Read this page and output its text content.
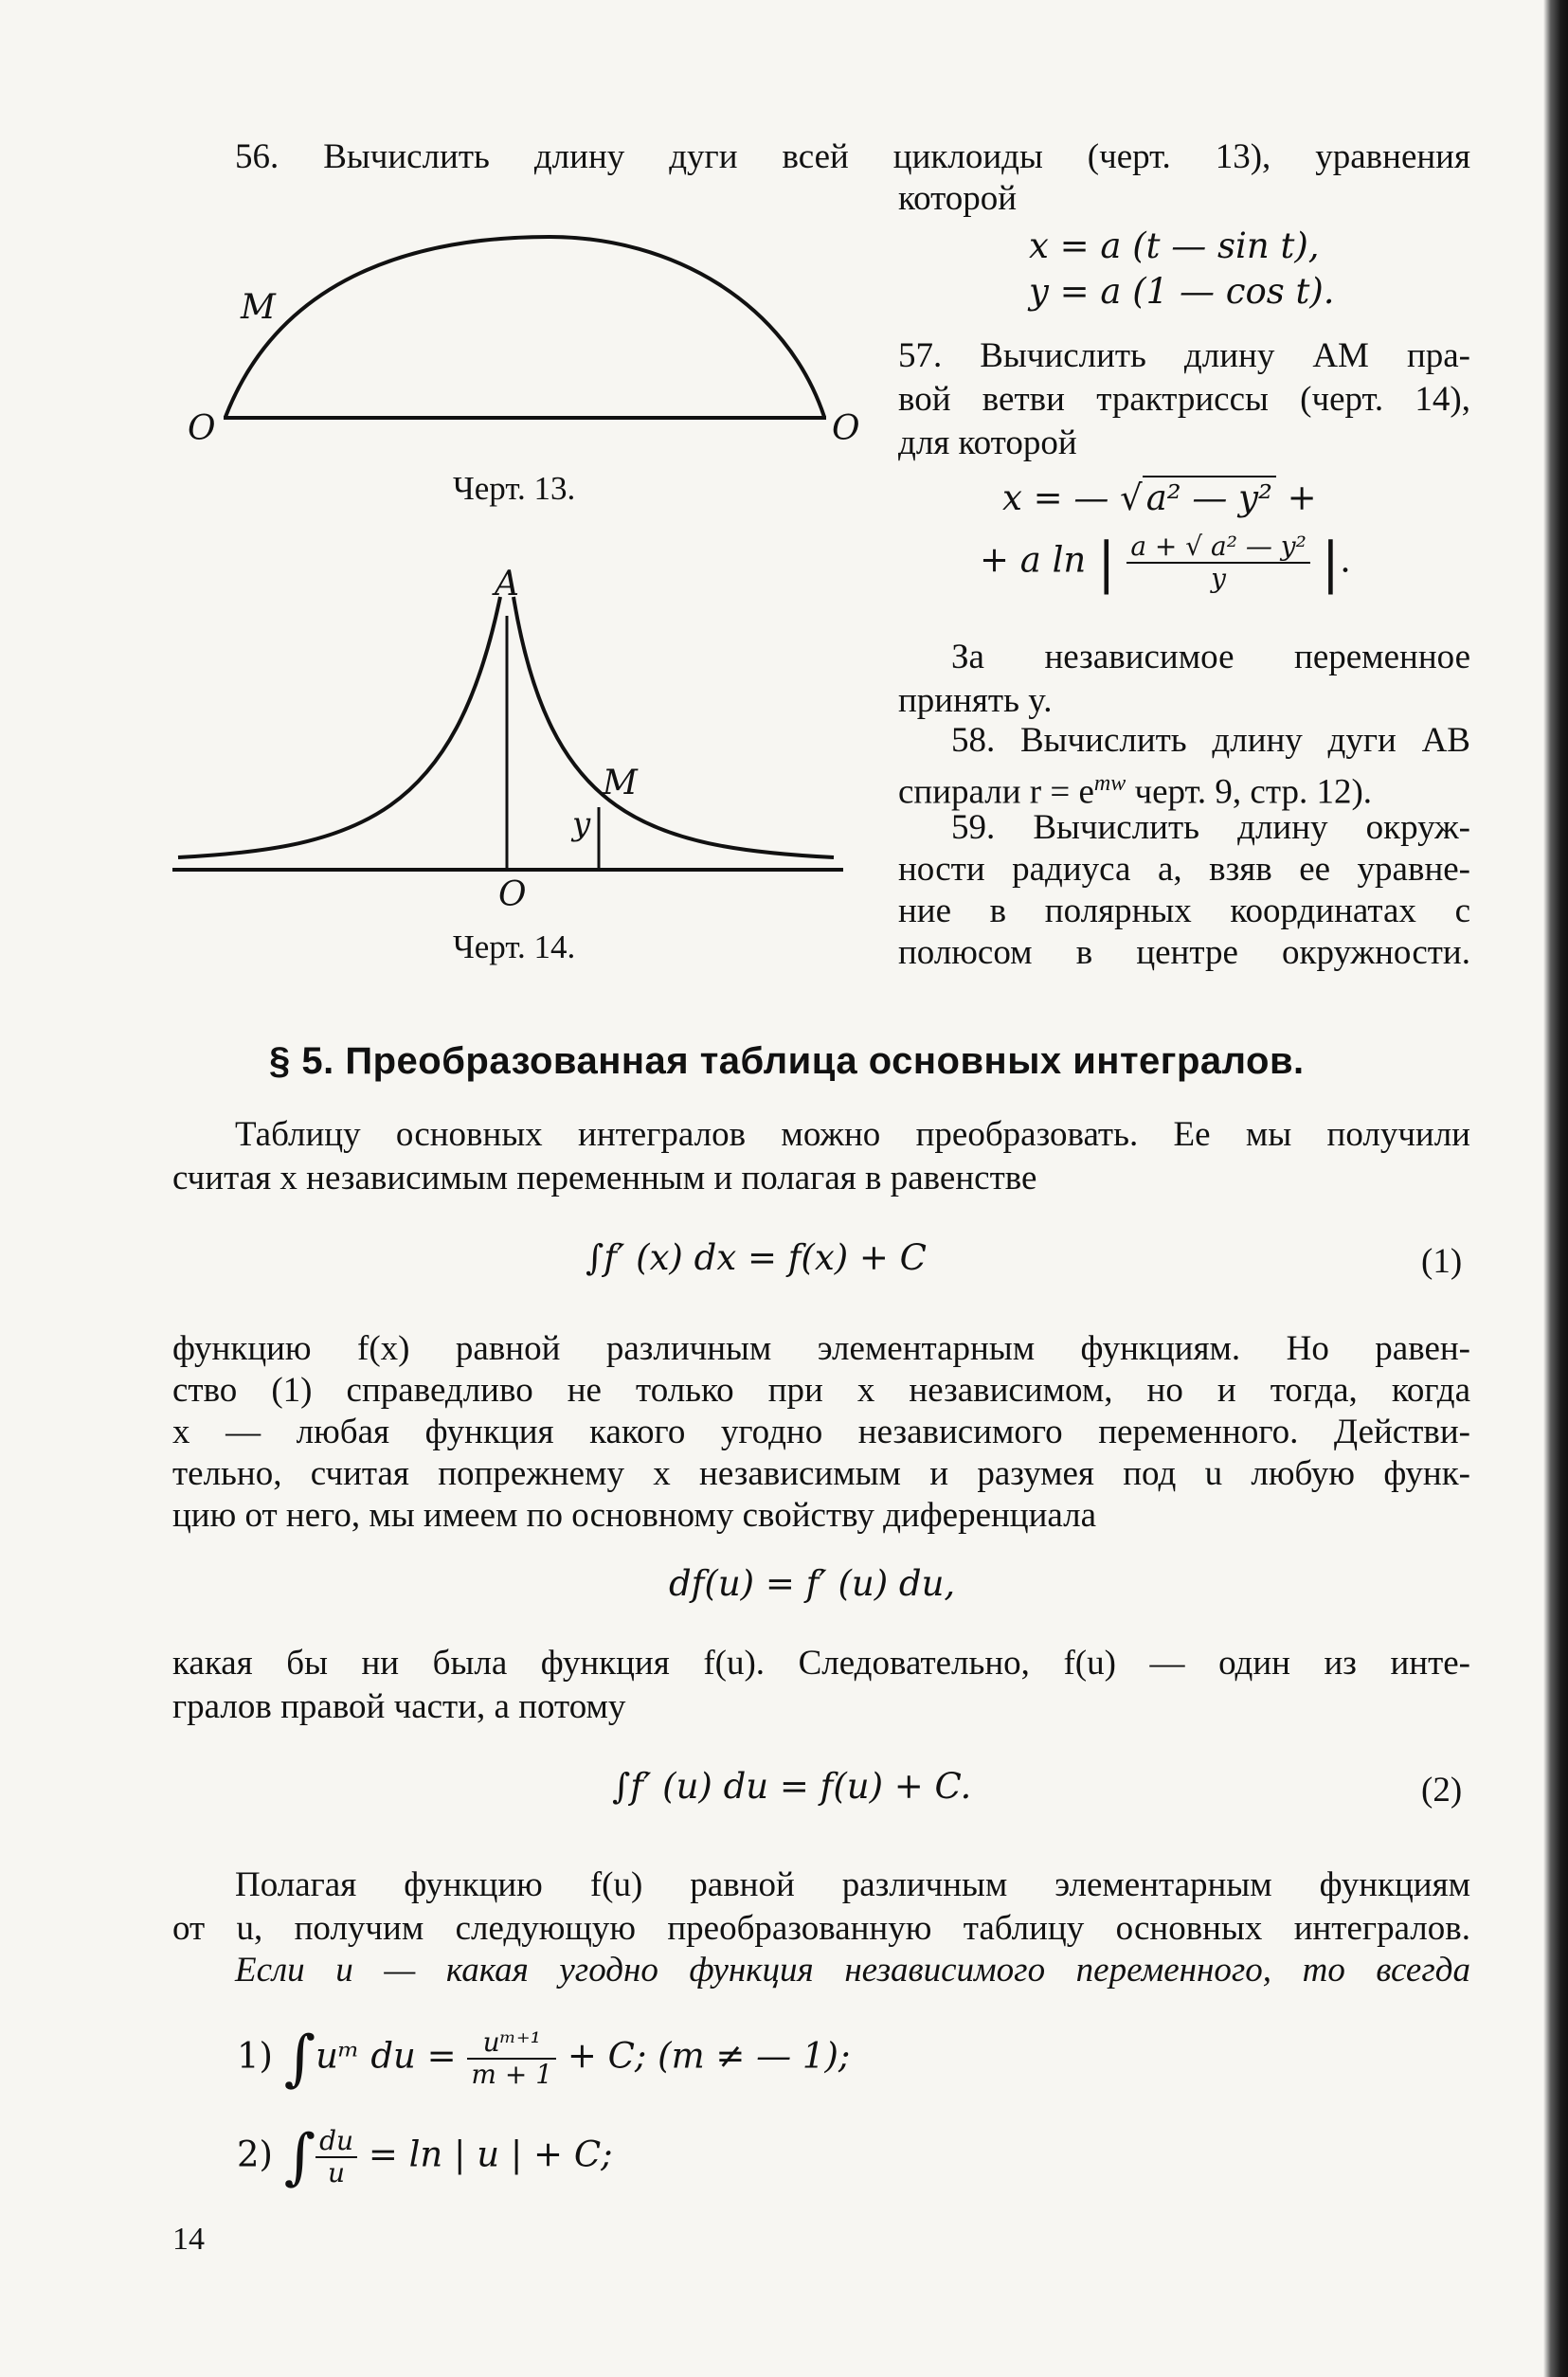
56. Вычислить длину дуги всей циклоиды (черт. 13), уравнения
которой
x = a (t — sin t),
y = a (1 — cos t).
M
O	O
Черт. 13.
57. Вычислить длину AM пра-
вой ветви трактриссы (черт. 14),
для которой
x = — √ a² — y² +
+ a ln | $\frac{\text{a + √ a² — y²}}{y}$ |.
За независимое переменное
принять y.
58. Вычислить длину дуги AB
спирали $r = e^{mw}$ черт. 9, стр. 12).
59. Вычислить длину окруж-
ности радиуса a, взяв ее уравне-
ние в полярных координатах с
полюсом в центре окружности.
A
M
y
O
Черт. 14.
§ 5. Преобразованная таблица основных интегралов.
Таблицу основных интегралов можно преобразовать. Ее мы получили
считая x независимым переменным и полагая в равенстве
∫f′ (x) dx = f(x) + C	(1)
функцию f(x) равной различным элементарным функциям. Но равен-
ство (1) справедливо не только при x независимом, но и тогда, когда
x — любая функция какого угодно независимого переменного. Действи-
тельно, считая попрежнему x независимым и разумея под u любую функ-
цию от него, мы имеем по основному свойству диференциала
df(u) = f′ (u) du,
какая бы ни была функция f(u). Следовательно, f(u) — один из инте-
гралов правой части, а потому
∫f′ (u) du = f(u) + C.	(2)
Полагая функцию f(u) равной различным элементарным функциям
от u, получим следующую преобразованную таблицу основных интегралов.
Если u — какая угодно функция независимого переменного, то всегда
1) ∫uᵐ du = $\frac{\text{uᵐ⁺¹}}{m + 1} + C$; (m ≠ — 1);
2) ∫ $\frac{du}{u} = \ln$ | u | + C;
14
